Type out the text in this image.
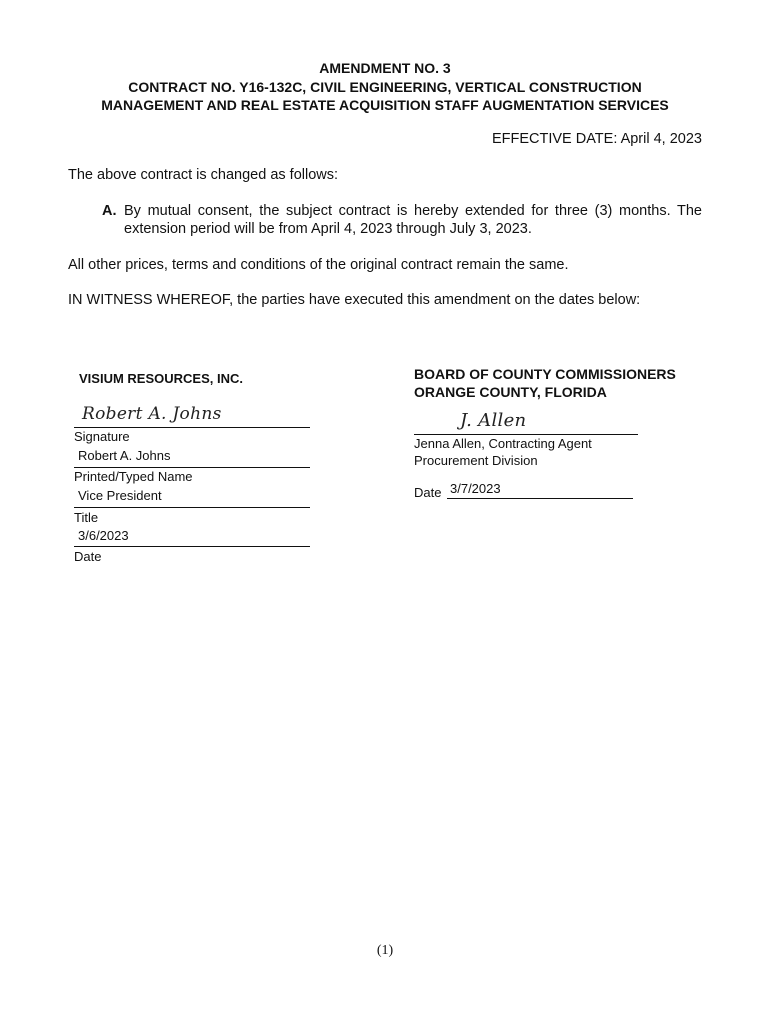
AMENDMENT NO. 3
CONTRACT NO. Y16-132C, CIVIL ENGINEERING, VERTICAL CONSTRUCTION
MANAGEMENT AND REAL ESTATE ACQUISITION STAFF AUGMENTATION SERVICES
EFFECTIVE DATE: April 4, 2023
The above contract is changed as follows:
A. By mutual consent, the subject contract is hereby extended for three (3) months. The
extension period will be from April 4, 2023 through July 3, 2023.
All other prices, terms and conditions of the original contract remain the same.
IN WITNESS WHEREOF, the parties have executed this amendment on the dates below:
VISIUM RESOURCES, INC.
Robert A. Johns
Signature
Robert A. Johns
Printed/Typed Name
Vice President
Title
3/6/2023
Date
BOARD OF COUNTY COMMISSIONERS
ORANGE COUNTY, FLORIDA
J. Allen
Jenna Allen, Contracting Agent
Procurement Division
Date 3/7/2023
(1)
